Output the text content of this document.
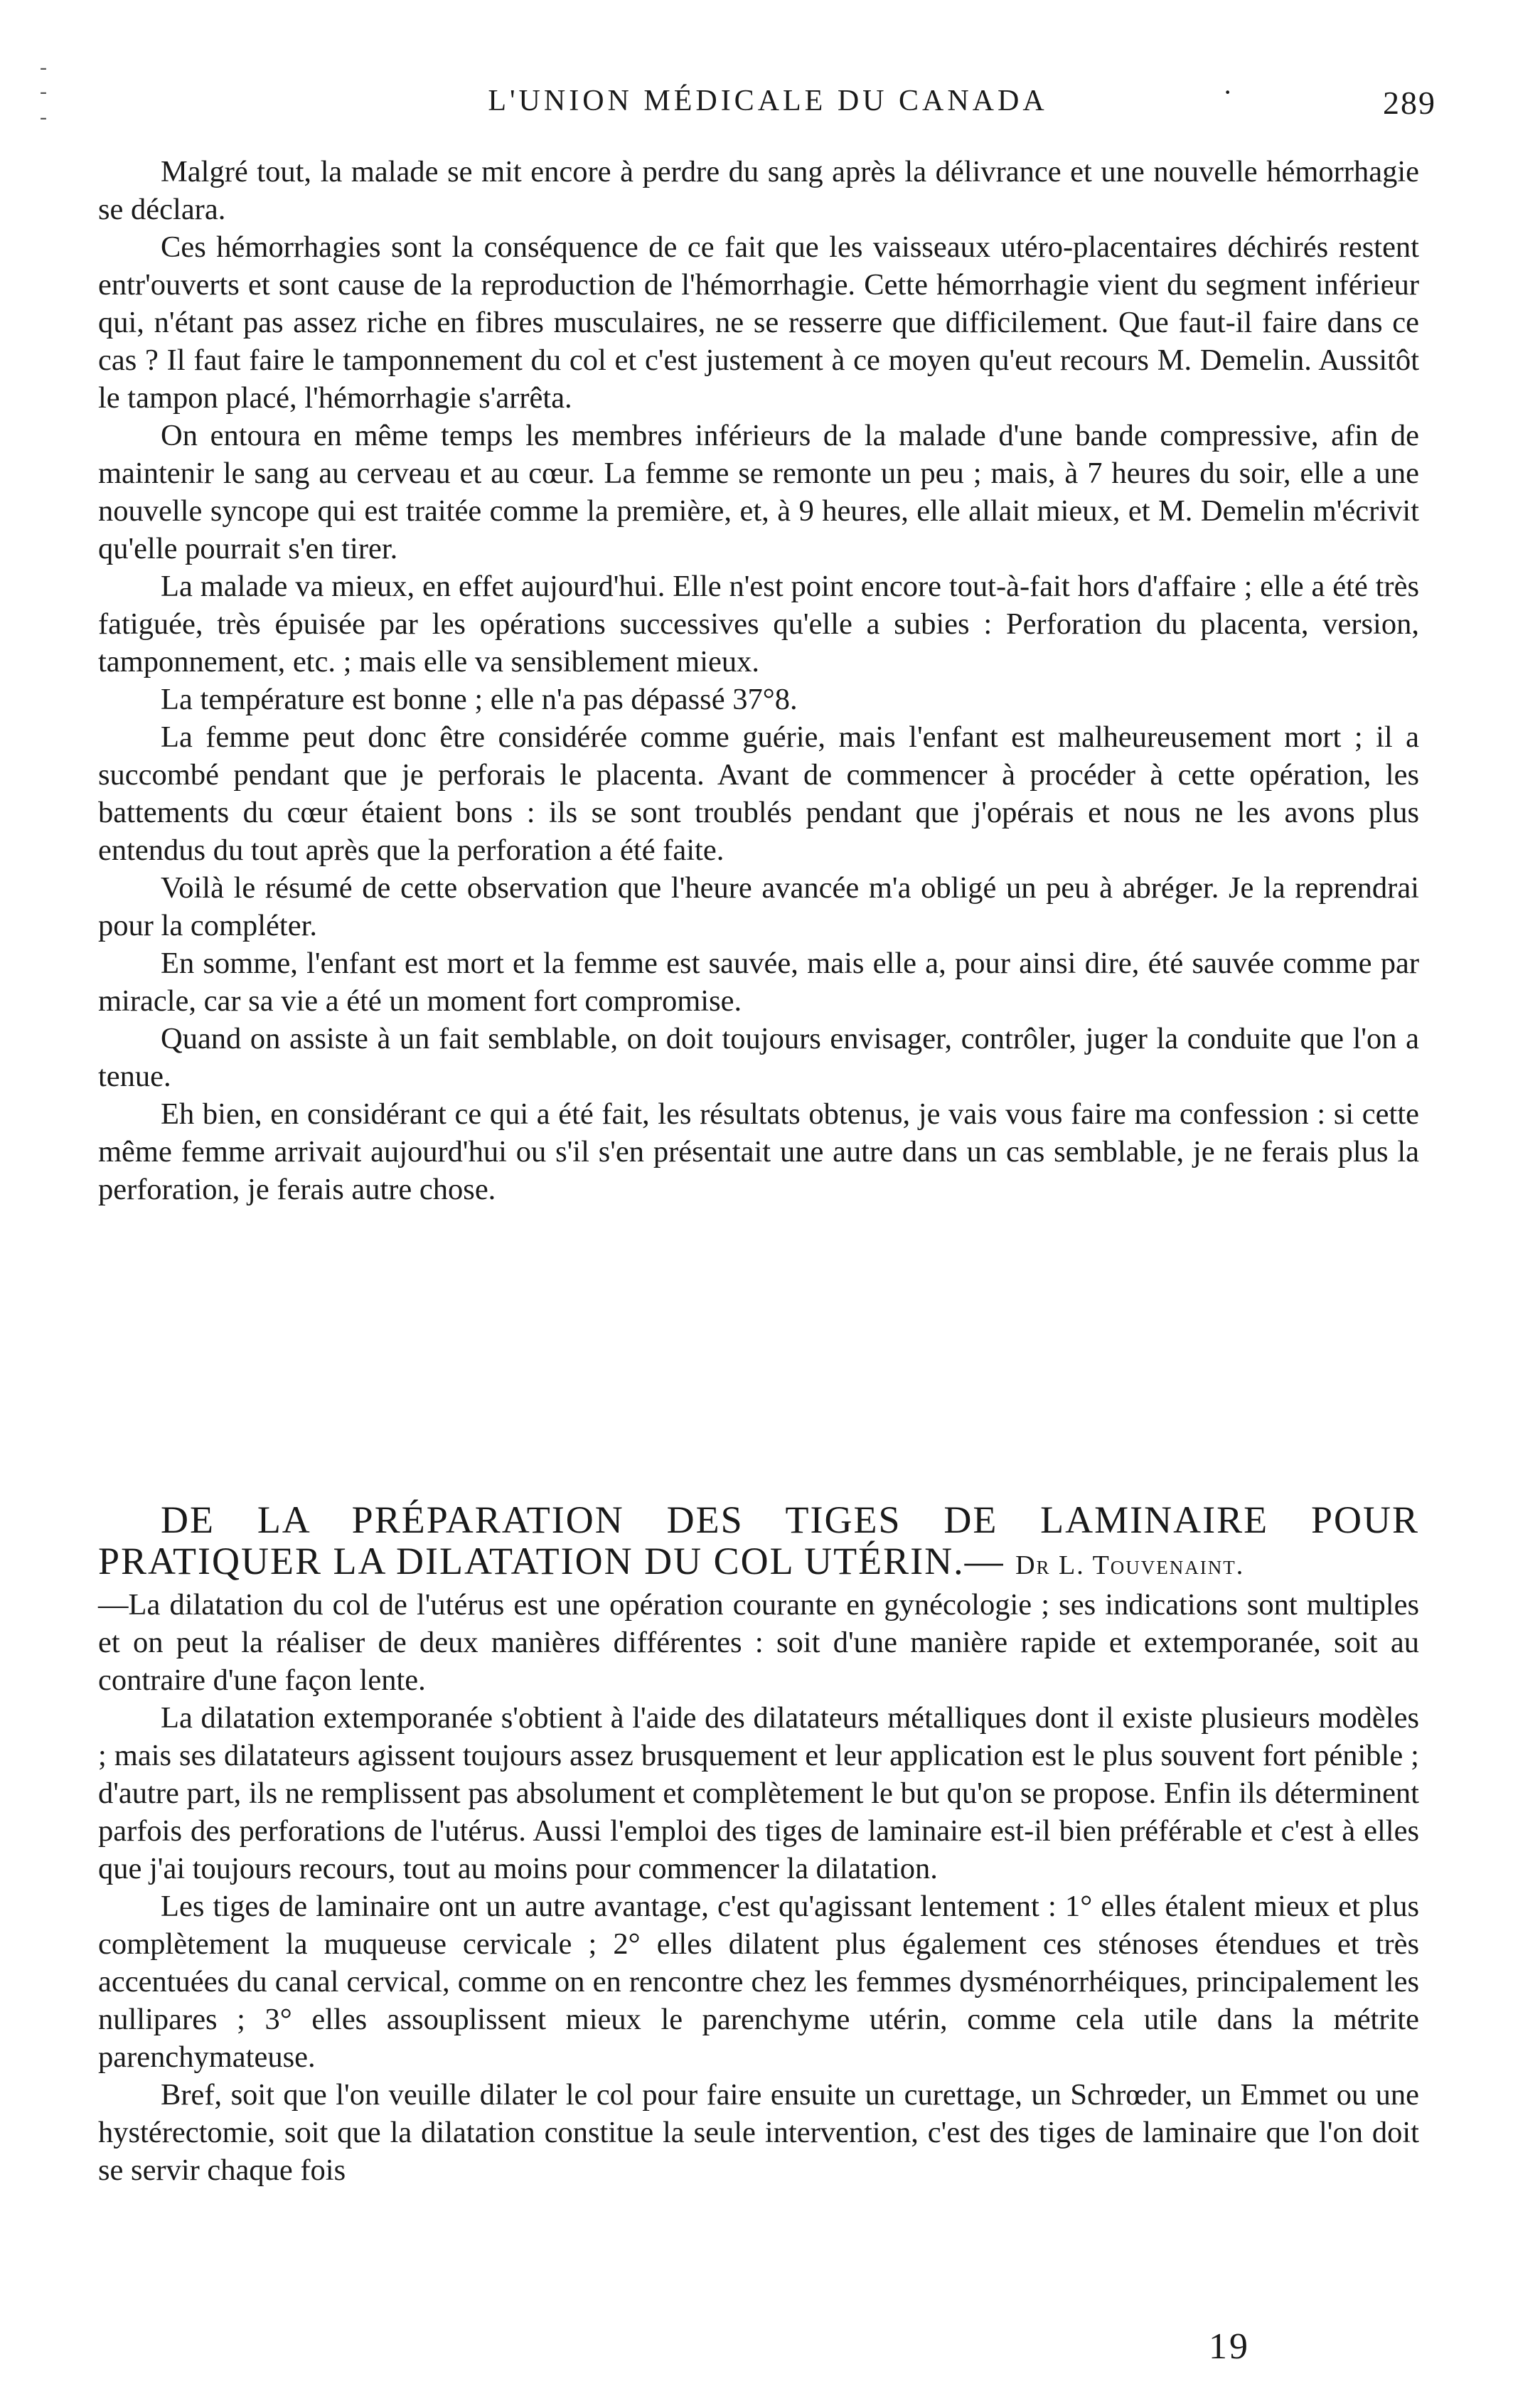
-
-
-	L'UNION MÉDICALE DU CANADA	·	289

Malgré tout, la malade se mit encore à perdre du sang après la délivrance et une nouvelle hémorrhagie se déclara.

Ces hémorrhagies sont la conséquence de ce fait que les vaisseaux utéro-placentaires déchirés restent entr'ouverts et sont cause de la reproduction de l'hémorrhagie. Cette hémorrhagie vient du segment inférieur qui, n'étant pas assez riche en fibres musculaires, ne se resserre que difficilement. Que faut-il faire dans ce cas ? Il faut faire le tamponnement du col et c'est justement à ce moyen qu'eut recours M. Demelin. Aussitôt le tampon placé, l'hémorrhagie s'arrêta.

On entoura en même temps les membres inférieurs de la malade d'une bande compressive, afin de maintenir le sang au cerveau et au cœur. La femme se remonte un peu ; mais, à 7 heures du soir, elle a une nouvelle syncope qui est traitée comme la première, et, à 9 heures, elle allait mieux, et M. Demelin m'écrivit qu'elle pourrait s'en tirer.

La malade va mieux, en effet aujourd'hui. Elle n'est point encore tout-à-fait hors d'affaire ; elle a été très fatiguée, très épuisée par les opérations successives qu'elle a subies : Perforation du placenta, version, tamponnement, etc. ; mais elle va sensiblement mieux.

La température est bonne ; elle n'a pas dépassé 37°8.

La femme peut donc être considérée comme guérie, mais l'enfant est malheureusement mort ; il a succombé pendant que je perforais le placenta. Avant de commencer à procéder à cette opération, les battements du cœur étaient bons : ils se sont troublés pendant que j'opérais et nous ne les avons plus entendus du tout après que la perforation a été faite.

Voilà le résumé de cette observation que l'heure avancée m'a obligé un peu à abréger. Je la reprendrai pour la compléter.

En somme, l'enfant est mort et la femme est sauvée, mais elle a, pour ainsi dire, été sauvée comme par miracle, car sa vie a été un moment fort compromise.

Quand on assiste à un fait semblable, on doit toujours envisager, contrôler, juger la conduite que l'on a tenue.

Eh bien, en considérant ce qui a été fait, les résultats obtenus, je vais vous faire ma confession : si cette même femme arrivait aujourd'hui ou s'il s'en présentait une autre dans un cas semblable, je ne ferais plus la perforation, je ferais autre chose.

DE LA PRÉPARATION DES TIGES DE LAMINAIRE POUR PRATIQUER LA DILATATION DU COL UTÉRIN.— Dr L. Touvenaint.

—La dilatation du col de l'utérus est une opération courante en gynécologie ; ses indications sont multiples et on peut la réaliser de deux manières différentes : soit d'une manière rapide et extemporanée, soit au contraire d'une façon lente.

La dilatation extemporanée s'obtient à l'aide des dilatateurs métalliques dont il existe plusieurs modèles ; mais ses dilatateurs agissent toujours assez brusquement et leur application est le plus souvent fort pénible ; d'autre part, ils ne remplissent pas absolument et complètement le but qu'on se propose. Enfin ils déterminent parfois des perforations de l'utérus. Aussi l'emploi des tiges de laminaire est-il bien préférable et c'est à elles que j'ai toujours recours, tout au moins pour commencer la dilatation.

Les tiges de laminaire ont un autre avantage, c'est qu'agissant lentement : 1° elles étalent mieux et plus complètement la muqueuse cervicale ; 2° elles dilatent plus également ces sténoses étendues et très accentuées du canal cervical, comme on en rencontre chez les femmes dysménorrhéiques, principalement les nullipares ; 3° elles assouplissent mieux le parenchyme utérin, comme cela utile dans la métrite parenchymateuse.

Bref, soit que l'on veuille dilater le col pour faire ensuite un curettage, un Schrœder, un Emmet ou une hystérectomie, soit que la dilatation constitue la seule intervention, c'est des tiges de laminaire que l'on doit se servir chaque fois

19
